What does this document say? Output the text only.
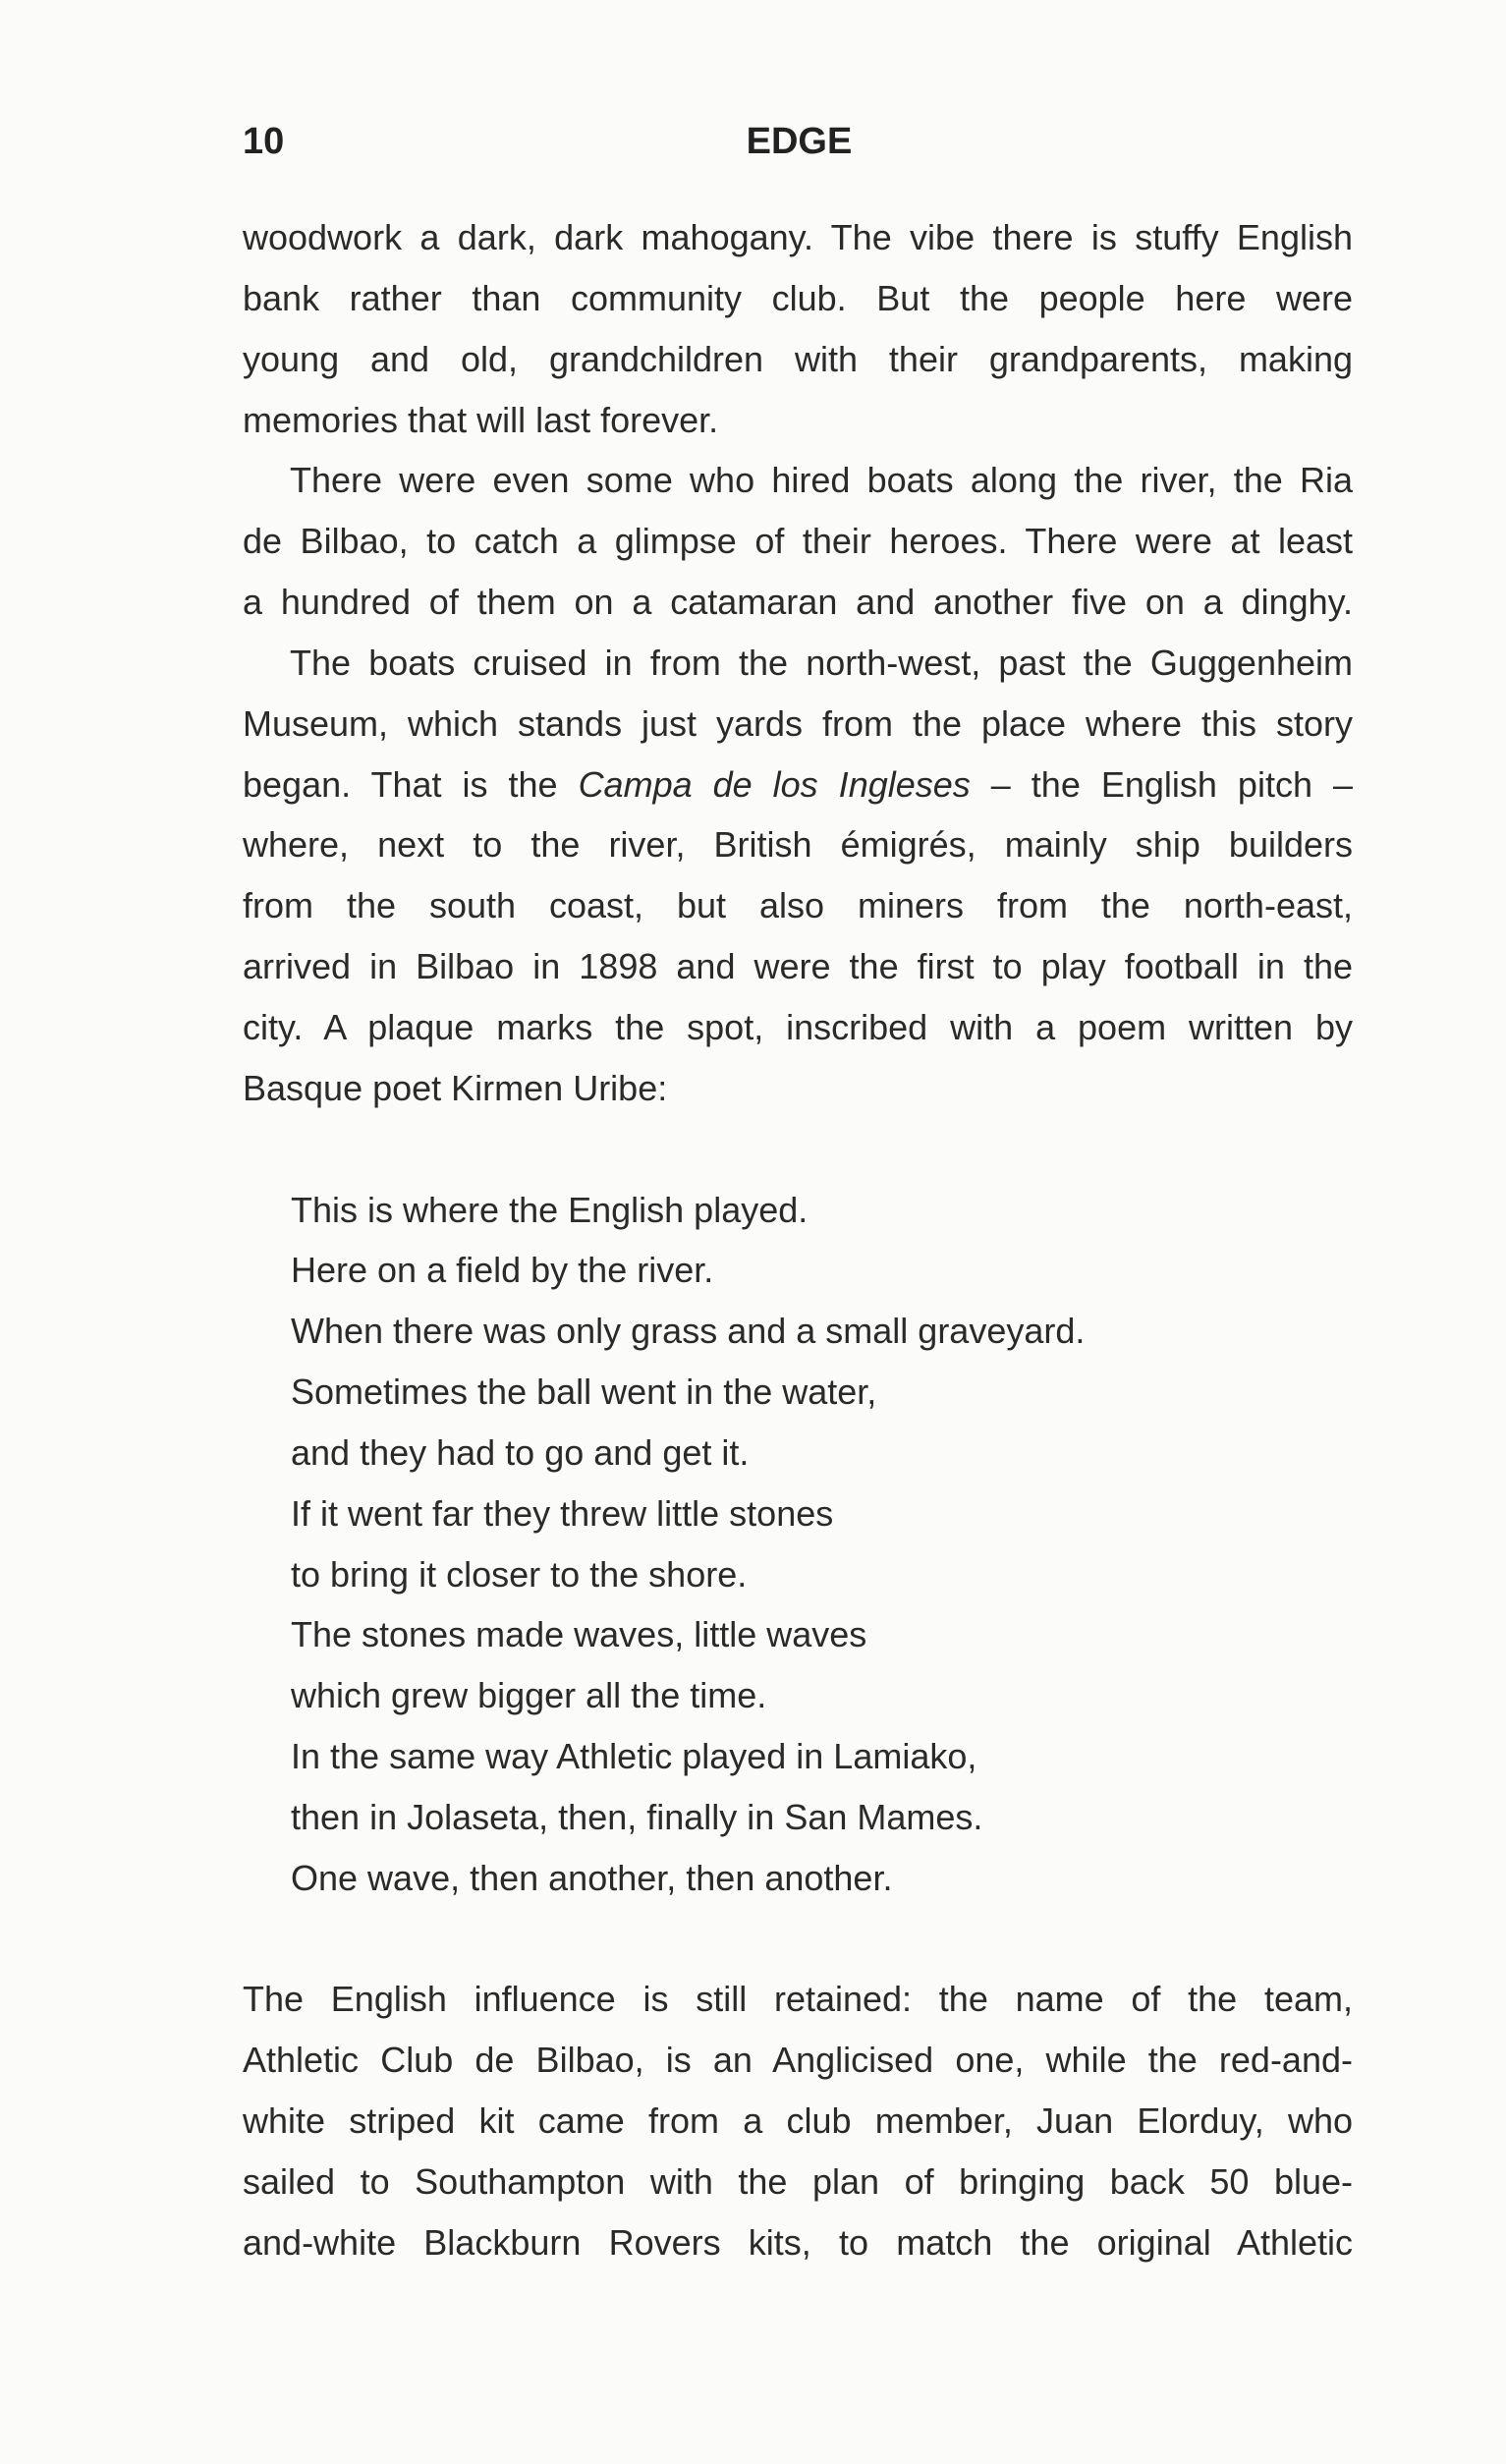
10	EDGE
woodwork a dark, dark mahogany. The vibe there is stuffy English
bank rather than community club. But the people here were
young and old, grandchildren with their grandparents, making
memories that will last forever.
There were even some who hired boats along the river, the Ria
de Bilbao, to catch a glimpse of their heroes. There were at least
a hundred of them on a catamaran and another five on a dinghy.
The boats cruised in from the north-west, past the Guggenheim
Museum, which stands just yards from the place where this story
began. That is the Campa de los Ingleses – the English pitch –
where, next to the river, British émigrés, mainly ship builders
from the south coast, but also miners from the north-east,
arrived in Bilbao in 1898 and were the first to play football in the
city. A plaque marks the spot, inscribed with a poem written by
Basque poet Kirmen Uribe:
This is where the English played.
Here on a field by the river.
When there was only grass and a small graveyard.
Sometimes the ball went in the water,
and they had to go and get it.
If it went far they threw little stones
to bring it closer to the shore.
The stones made waves, little waves
which grew bigger all the time.
In the same way Athletic played in Lamiako,
then in Jolaseta, then, finally in San Mames.
One wave, then another, then another.
The English influence is still retained: the name of the team,
Athletic Club de Bilbao, is an Anglicised one, while the red-and-
white striped kit came from a club member, Juan Elorduy, who
sailed to Southampton with the plan of bringing back 50 blue-
and-white Blackburn Rovers kits, to match the original Athletic
